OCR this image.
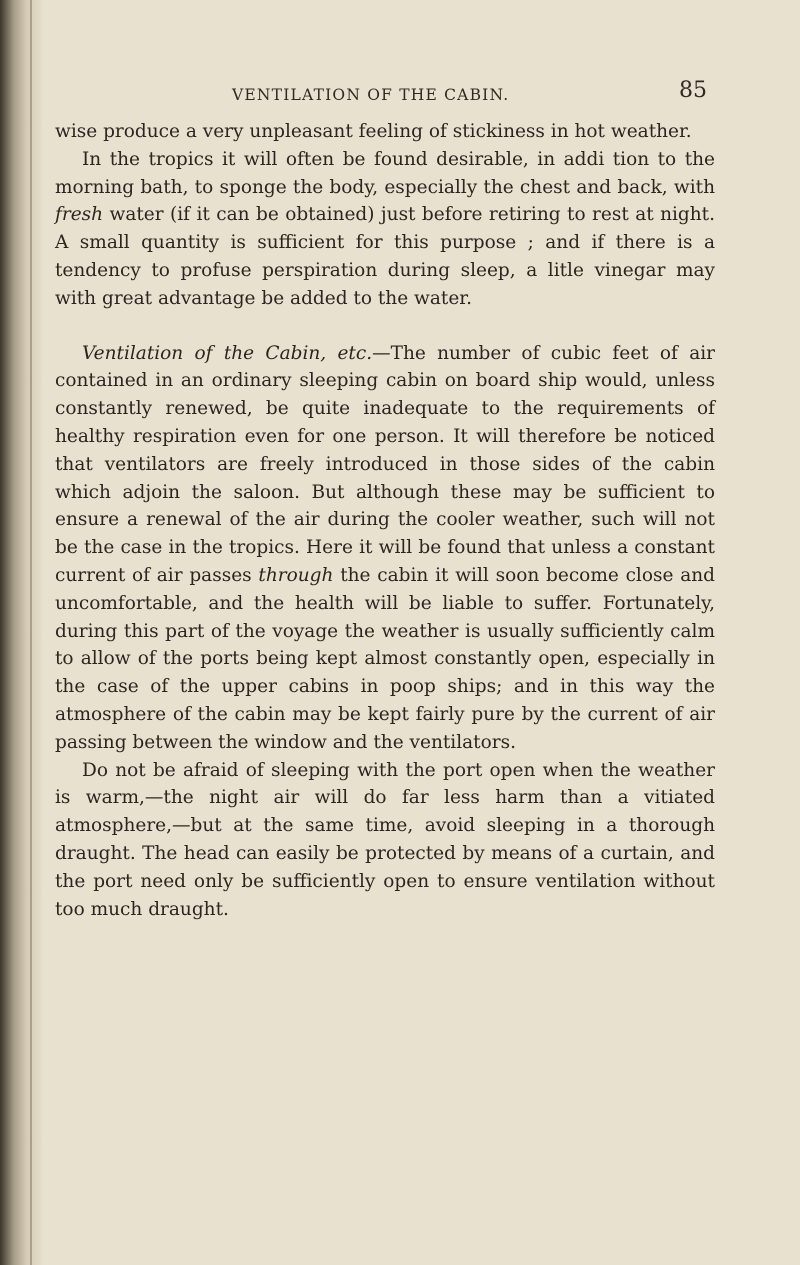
VENTILATION OF THE CABIN.	85

wise produce a very unpleasant feeling of stickiness in hot weather.

In the tropics it will often be found desirable, in addi tion to the morning bath, to sponge the body, especially the chest and back, with fresh water (if it can be obtained) just before retiring to rest at night. A small quantity is sufficient for this purpose ; and if there is a tendency to profuse perspiration during sleep, a litle vinegar may with great advantage be added to the water.

Ventilation of the Cabin, etc.—The number of cubic feet of air contained in an ordinary sleeping cabin on board ship would, unless constantly renewed, be quite inadequate to the requirements of healthy respiration even for one person. It will therefore be noticed that ventilators are freely introduced in those sides of the cabin which adjoin the saloon. But although these may be sufficient to ensure a renewal of the air during the cooler weather, such will not be the case in the tropics. Here it will be found that unless a constant current of air passes through the cabin it will soon become close and uncomfortable, and the health will be liable to suffer. Fortunately, during this part of the voyage the weather is usually sufficiently calm to allow of the ports being kept almost constantly open, especially in the case of the upper cabins in poop ships; and in this way the atmosphere of the cabin may be kept fairly pure by the current of air passing between the window and the ventilators.

Do not be afraid of sleeping with the port open when the weather is warm,—the night air will do far less harm than a vitiated atmosphere,—but at the same time, avoid sleeping in a thorough draught. The head can easily be protected by means of a curtain, and the port need only be sufficiently open to ensure ventilation without too much draught.
